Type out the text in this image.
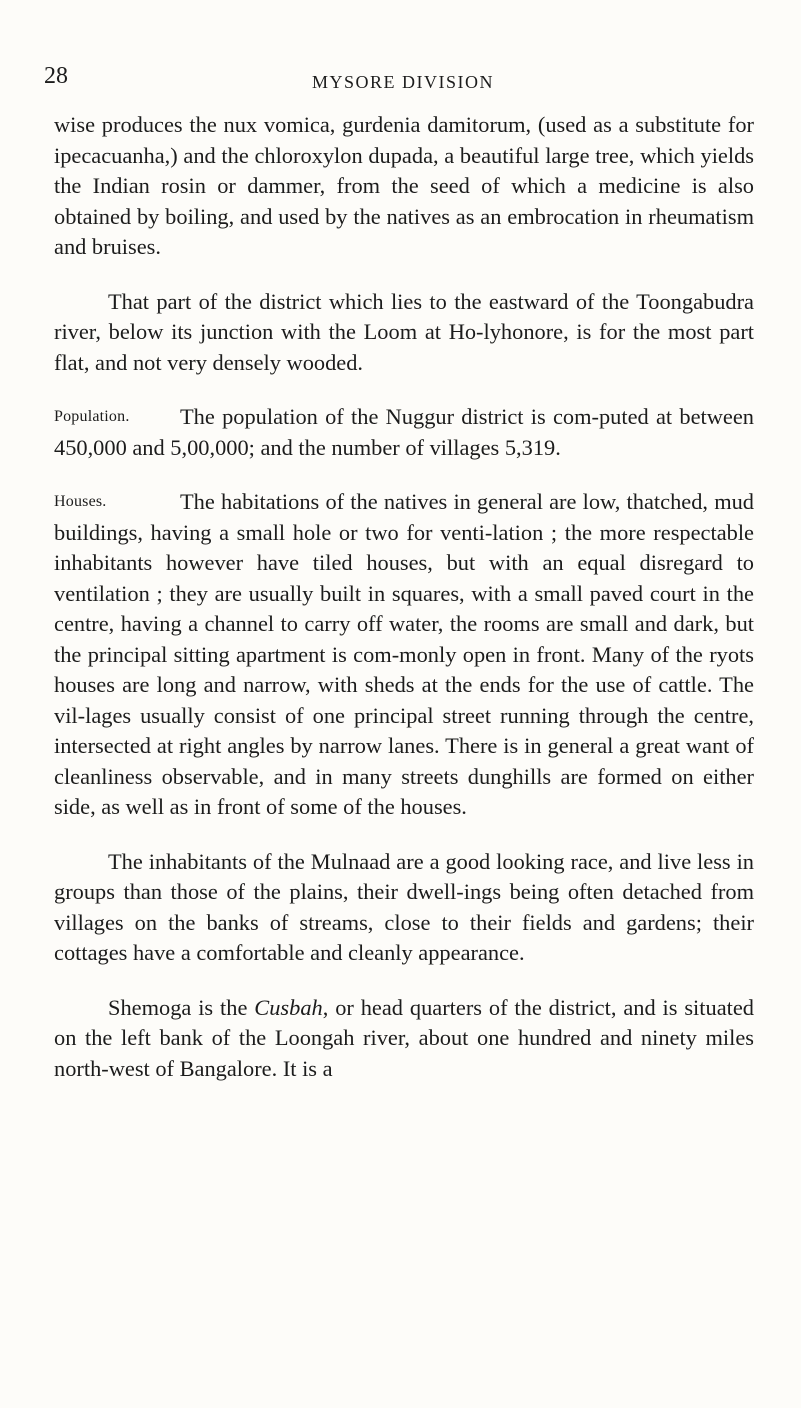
28	MYSORE DIVISION

wise produces the nux vomica, gurdenia damitorum, (used as a substitute for ipecacuanha,) and the chloroxylon dupada, a beautiful large tree, which yields the Indian rosin or dammer, from the seed of which a medicine is also obtained by boiling, and used by the natives as an embrocation in rheumatism and bruises.

That part of the district which lies to the eastward of the Toongabudra river, below its junction with the Loom at Ho-lyhonore, is for the most part flat, and not very densely wooded.

Population. The population of the Nuggur district is com-puted at between 450,000 and 5,00,000; and the number of villages 5,319.

Houses.	The habitations of the natives in general are low, thatched, mud buildings, having a small hole or two for venti-lation ; the more respectable inhabitants however have tiled houses, but with an equal disregard to ventilation ; they are usually built in squares, with a small paved court in the centre, having a channel to carry off water, the rooms are small and dark, but the principal sitting apartment is com-monly open in front. Many of the ryots houses are long and narrow, with sheds at the ends for the use of cattle. The vil-lages usually consist of one principal street running through the centre, intersected at right angles by narrow lanes. There is in general a great want of cleanliness observable, and in many streets dunghills are formed on either side, as well as in front of some of the houses.

The inhabitants of the Mulnaad are a good looking race, and live less in groups than those of the plains, their dwell-ings being often detached from villages on the banks of streams, close to their fields and gardens; their cottages have a comfortable and cleanly appearance.

Shemoga is the Cusbah, or head quarters of the district, and is situated on the left bank of the Loongah river, about one hundred and ninety miles north-west of Bangalore. It is a
